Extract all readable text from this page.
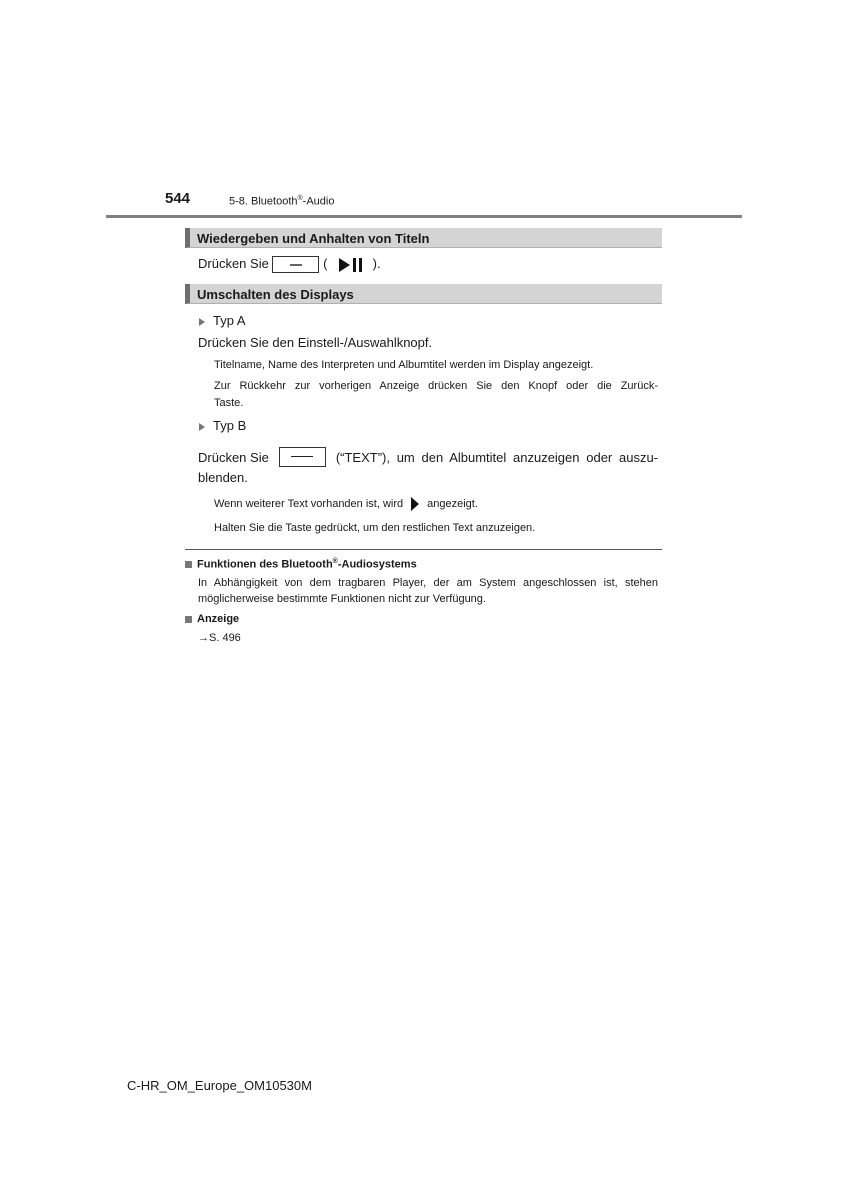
544	5-8. Bluetooth®-Audio
Wiedergeben und Anhalten von Titeln
Drücken Sie	(	).
Umschalten des Displays
Typ A
Drücken Sie den Einstell-/Auswahlknopf.
Titelname, Name des Interpreten und Albumtitel werden im Display angezeigt.
Zur Rückkehr zur vorherigen Anzeige drücken Sie den Knopf oder die Zurück-
Taste.
Typ B
Drücken Sie	(“TEXT”), um den Albumtitel anzuzeigen oder auszu-
blenden.
Wenn weiterer Text vorhanden ist, wird angezeigt.
Halten Sie die Taste gedrückt, um den restlichen Text anzuzeigen.
Funktionen des Bluetooth®-Audiosystems
In Abhängigkeit von dem tragbaren Player, der am System angeschlossen ist, stehen
möglicherweise bestimmte Funktionen nicht zur Verfügung.
Anzeige
→S. 496
C-HR_OM_Europe_OM10530M
